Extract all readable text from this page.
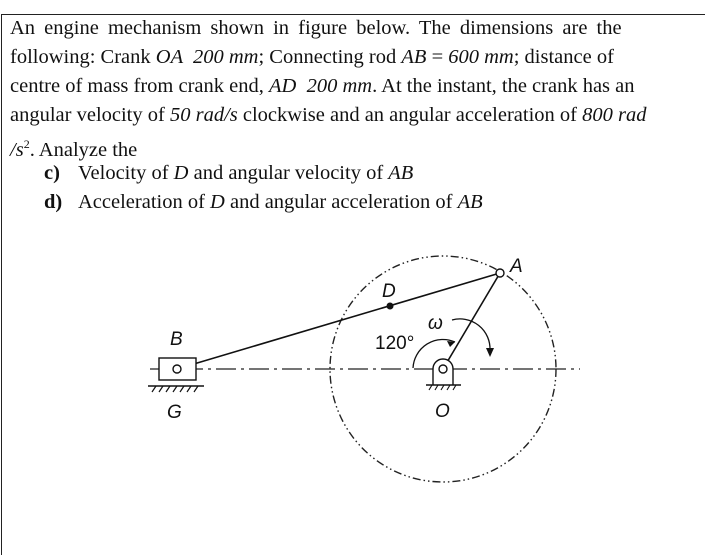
An engine mechanism shown in figure below. The dimensions are the
following: Crank OA  200 mm; Connecting rod AB = 600 mm; distance of
centre of mass from crank end, AD  200 mm. At the instant, the crank has an
angular velocity of 50 rad/s clockwise and an angular acceleration of 800 rad
$/s^2$. Analyze the
c) Velocity of D and angular velocity of AB
d) Acceleration of D and angular acceleration of AB
A
D
B
G	O
ω
120°
